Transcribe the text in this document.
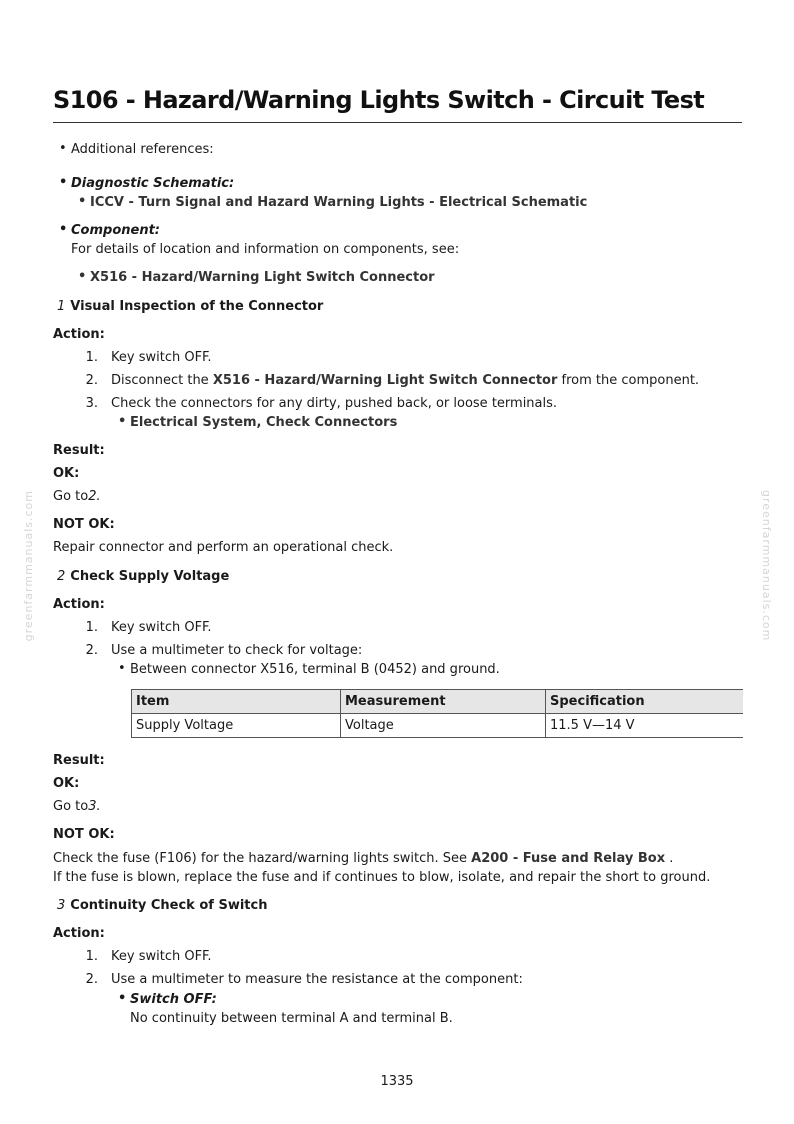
greenfarmmanuals.com	greenfarmmanuals.com
S106 - Hazard/Warning Lights Switch - Circuit Test
• Additional references:
• Diagnostic Schematic:
• ICCV - Turn Signal and Hazard Warning Lights - Electrical Schematic
• Component:
For details of location and information on components, see:
• X516 - Hazard/Warning Light Switch Connector
1 Visual Inspection of the Connector
Action:
1. Key switch OFF.
2. Disconnect the X516 - Hazard/Warning Light Switch Connector from the component.
3. Check the connectors for any dirty, pushed back, or loose terminals.
• Electrical System, Check Connectors
Result:
OK:
Go to2.
NOT OK:
Repair connector and perform an operational check.
2 Check Supply Voltage
Action:
1. Key switch OFF.
2. Use a multimeter to check for voltage:
• Between connector X516, terminal B (0452) and ground.
Item	Measurement	Specification
Supply Voltage	Voltage	11.5 V—14 V
Result:
OK:
Go to3.
NOT OK:
Check the fuse (F106) for the hazard/warning lights switch. See A200 - Fuse and Relay Box .
If the fuse is blown, replace the fuse and if continues to blow, isolate, and repair the short to ground.
3 Continuity Check of Switch
Action:
1. Key switch OFF.
2. Use a multimeter to measure the resistance at the component:
• Switch OFF:
No continuity between terminal A and terminal B.
1335
